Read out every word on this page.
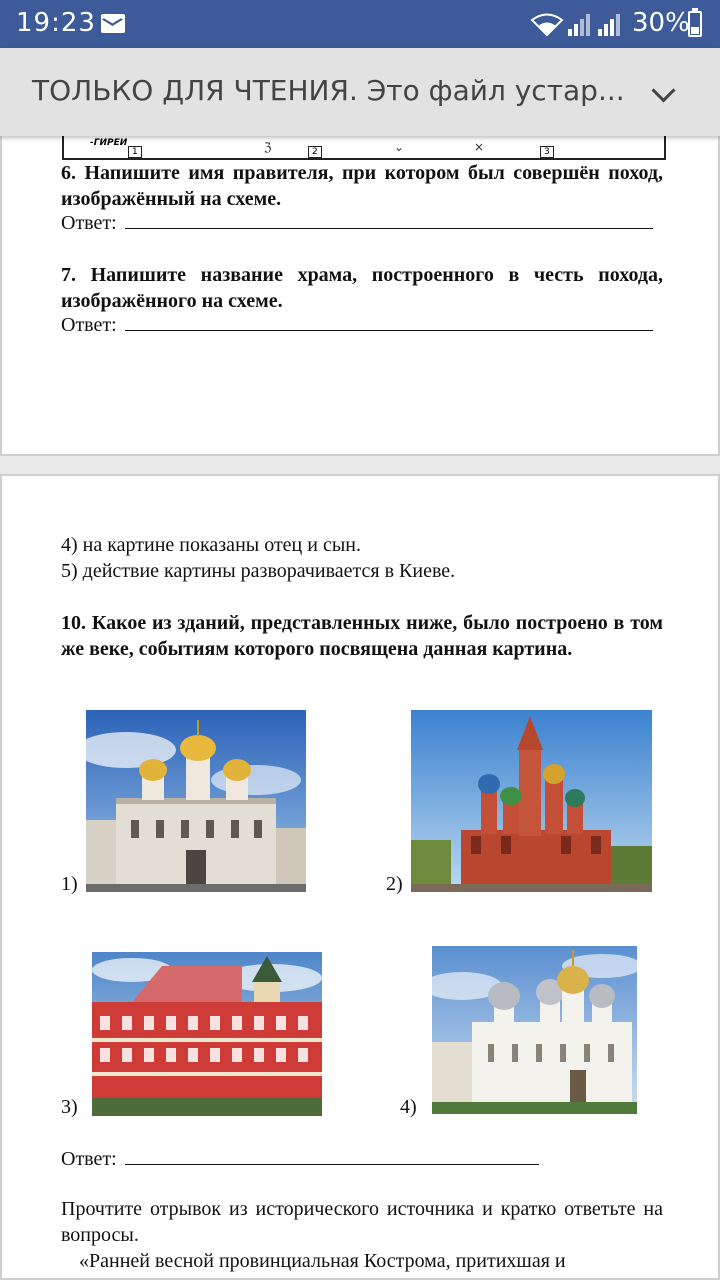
19:23	30%
ТОЛЬКО ДЛЯ ЧТЕНИЯ. Это файл устар...
-ГИРЕИ
1	ℨ	2	⌄	×	3
6. Напишите имя правителя, при котором был совершён поход, изображённый на схеме.
Ответ:
7. Напишите название храма, построенного в честь похода, изображённого на схеме.
Ответ:
4) на картине показаны отец и сын.
5) действие картины разворачивается в Киеве.
10. Какое из зданий, представленных ниже, было построено в том же веке, событиям которого посвящена данная картина.
1)	2)
3)	4)
Ответ:
Прочтите отрывок из исторического источника и кратко ответьте на вопросы.
«Ранней весной провинциальная Кострома, притихшая и
